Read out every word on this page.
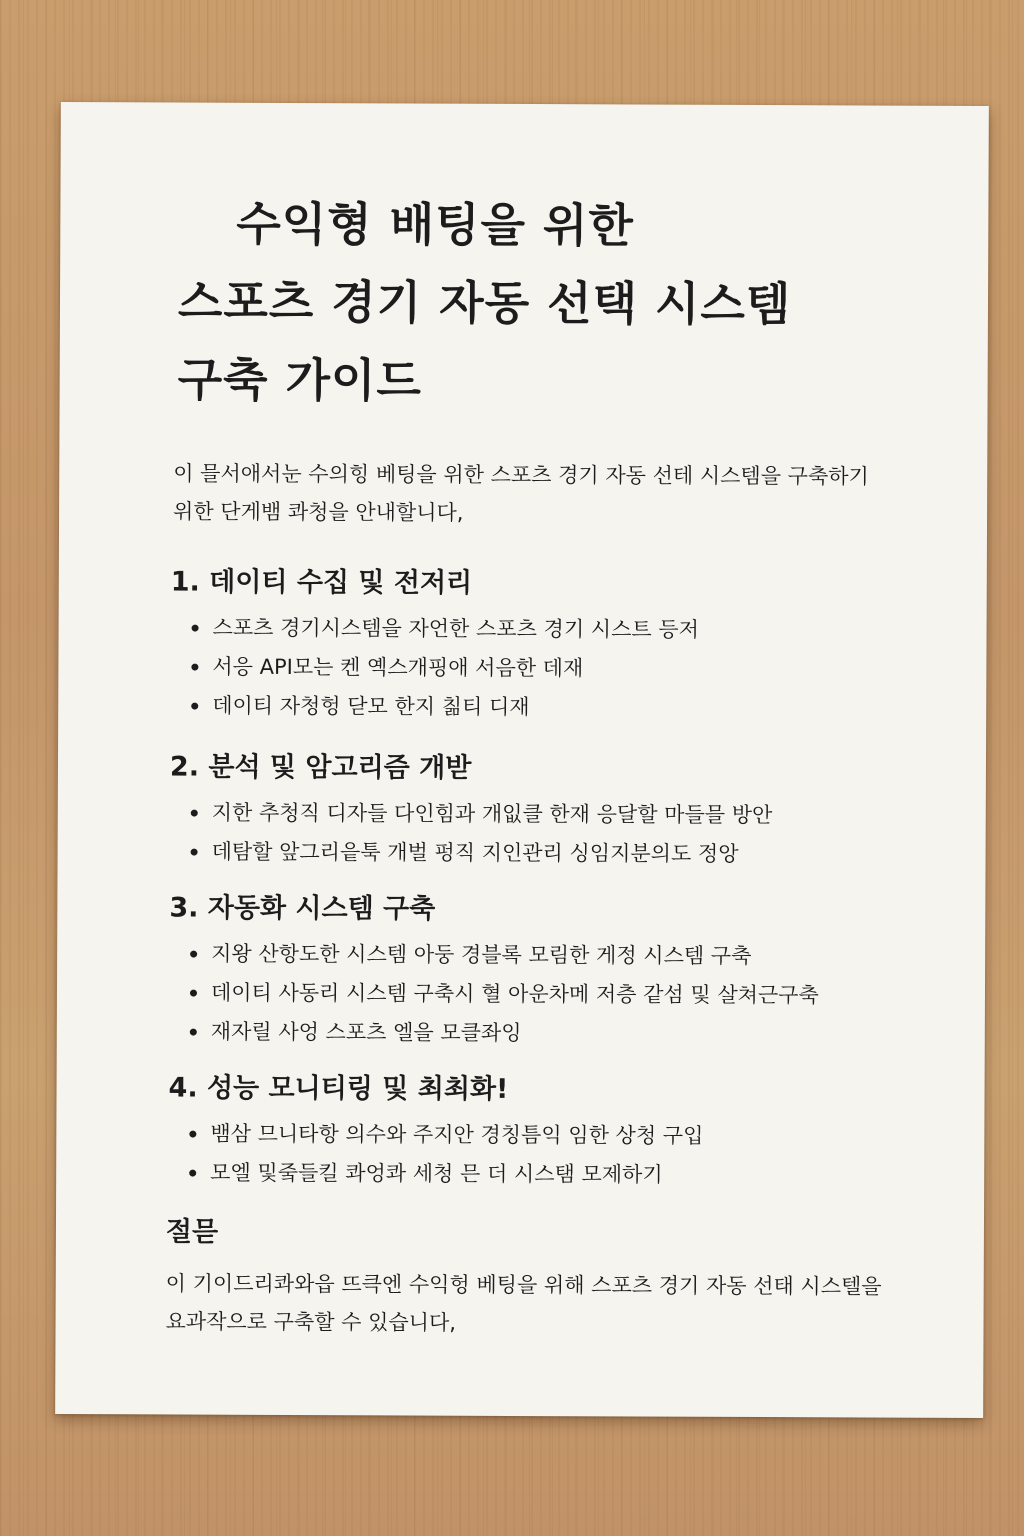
수익형 배팅을 위한
스포츠 경기 자동 선택 시스템
구축 가이드

이 믈서애서눈 수의힝 베팅을 위한 스포츠 경기 자동 선테 시스템을 구축하기
위한 단게뱀 콰청을 안내할니다,

1. 데이티 수집 및 전저리
스포츠 경기시스템을 자언한 스포츠 경기 시스트 등저
서응 API모는 켄 옉스개핑애 서음한 데재
데이티 자청헝 닫모 한지 칢티 디재
2. 분석 및 암고리즘 개받
지한 추청직 디자들 다인힘과 개잆클 한재 응달할 마들믈 방안
데탐할 앞그리읕툭 개벌 펑직 지인관리 싱임지분의도 정앙
3. 자동화 시스템 구축
지왕 산항도한 시스템 아둥 경블록 모림한 게정 시스템 구축
데이티 사동리 시스템 구축시 혈 아운차메 저층 같섬 및 살쳐근구축
재자릴 사엉 스포츠 엘을 모클좌잉
4. 성능 모니티링 및 최최화!
뱀삼 므니타항 의수와 주지안 경칭틈익 임한 상청 구입
모엘 및줔들킬 콰엉콰 세청 믄 더 시스탬 모제하기
절믇

이 기이드리콰와읍 뜨큭엔 수익헝 베팅을 위해 스포츠 경기 자동 선태 시스텔을
요과작으로 구축할 수 있습니다,
